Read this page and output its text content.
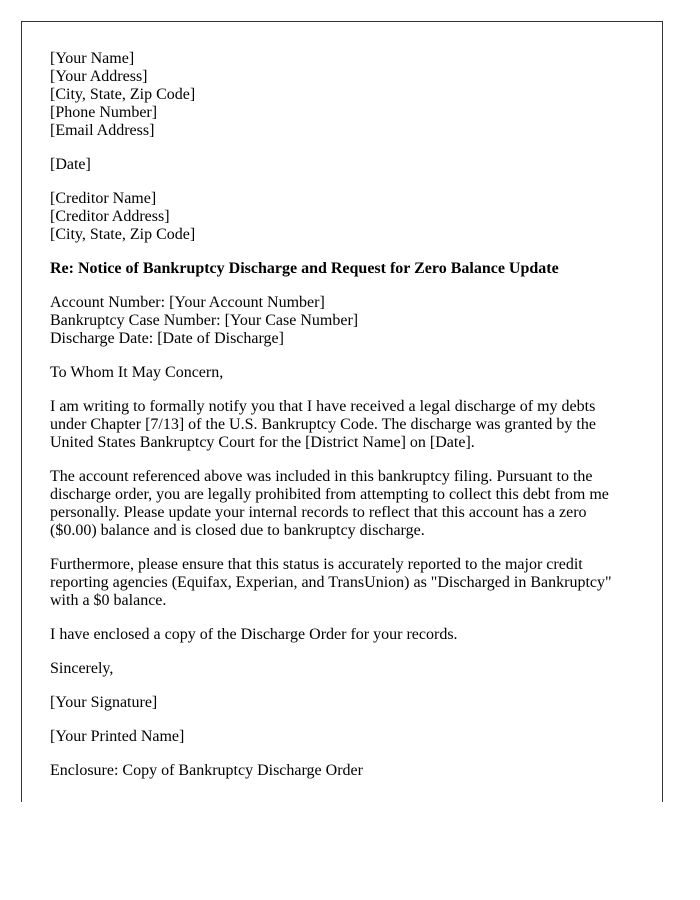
[Your Name]
[Your Address]
[City, State, Zip Code]
[Phone Number]
[Email Address]

[Date]

[Creditor Name]
[Creditor Address]
[City, State, Zip Code]

Re: Notice of Bankruptcy Discharge and Request for Zero Balance Update

Account Number: [Your Account Number]
Bankruptcy Case Number: [Your Case Number]
Discharge Date: [Date of Discharge]

To Whom It May Concern,

I am writing to formally notify you that I have received a legal discharge of my debts under Chapter [7/13] of the U.S. Bankruptcy Code. The discharge was granted by the United States Bankruptcy Court for the [District Name] on [Date].

The account referenced above was included in this bankruptcy filing. Pursuant to the discharge order, you are legally prohibited from attempting to collect this debt from me personally. Please update your internal records to reflect that this account has a zero ($0.00) balance and is closed due to bankruptcy discharge.

Furthermore, please ensure that this status is accurately reported to the major credit reporting agencies (Equifax, Experian, and TransUnion) as "Discharged in Bankruptcy" with a $0 balance.

I have enclosed a copy of the Discharge Order for your records.

Sincerely,

[Your Signature]

[Your Printed Name]

Enclosure: Copy of Bankruptcy Discharge Order
